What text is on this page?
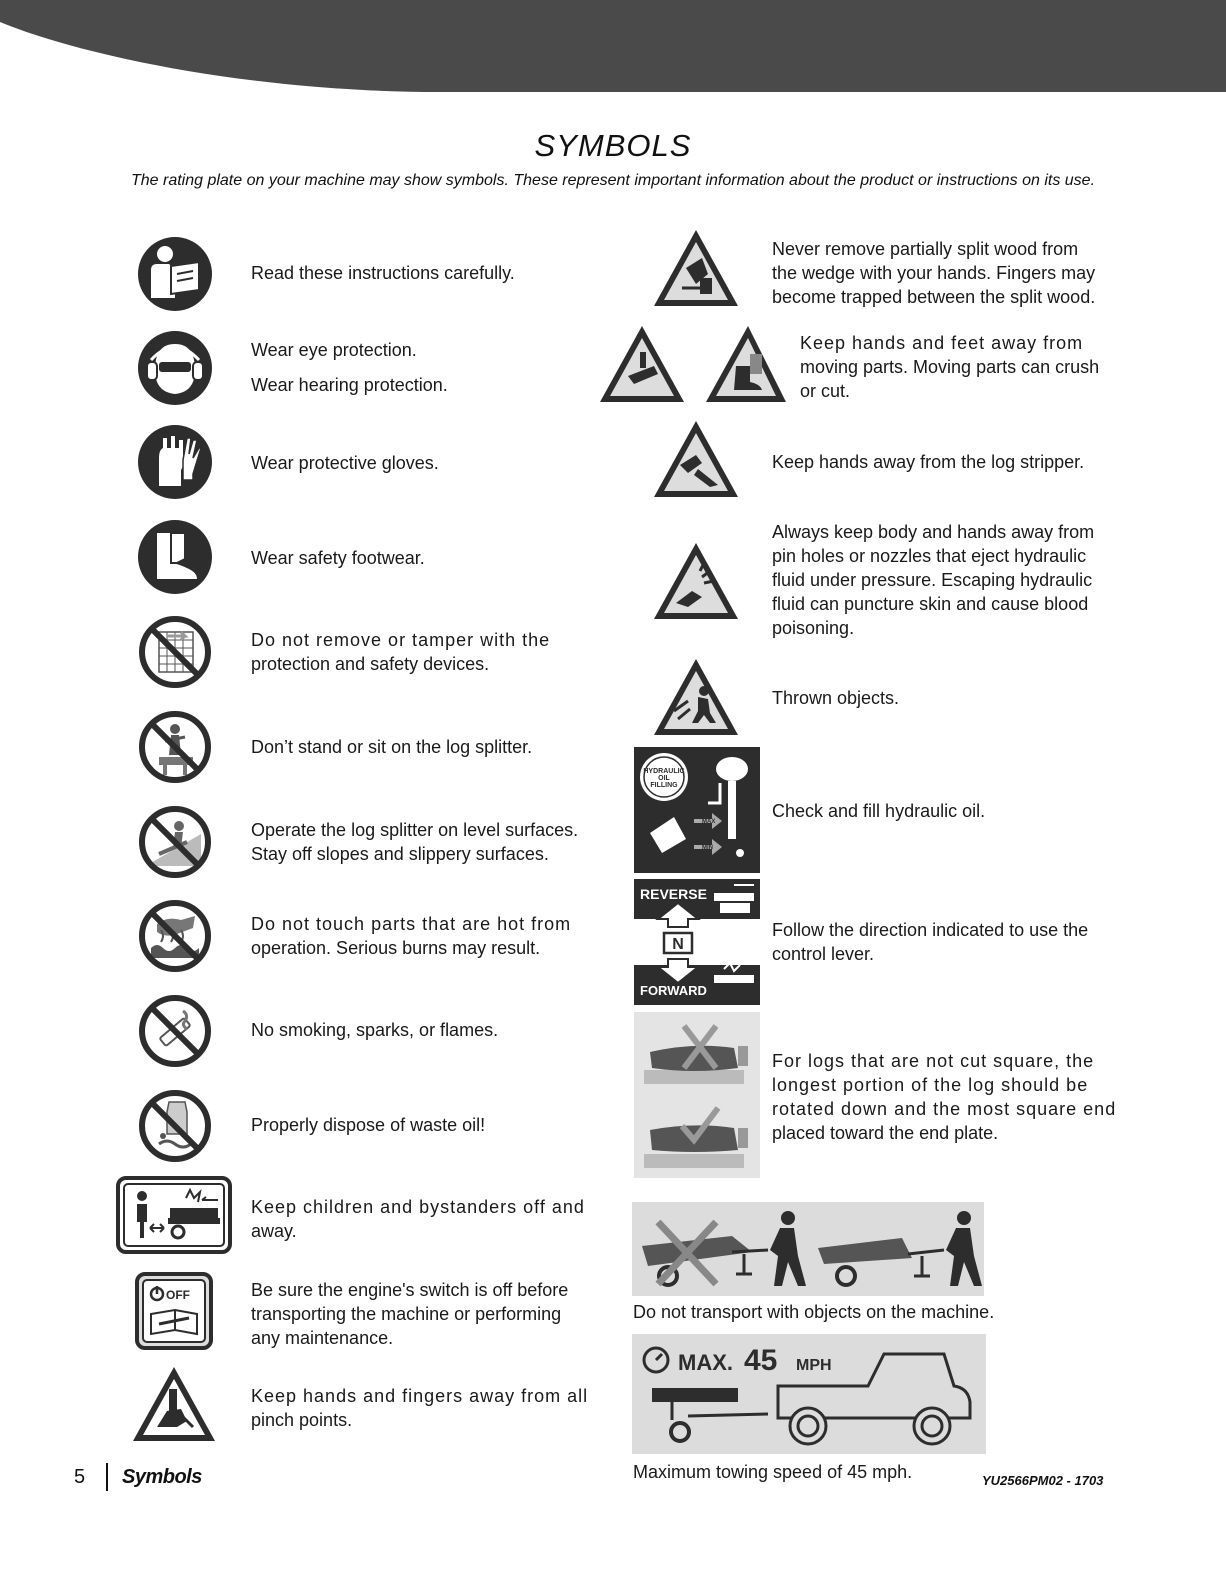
SYMBOLS
The rating plate on your machine may show symbols. These represent important information about the product or instructions on its use.
Read these instructions carefully.
Wear eye protection.
Wear hearing protection.
Wear protective gloves.
Wear safety footwear.
Do not remove or tamper with the
protection and safety devices.
Don’t stand or sit on the log splitter.
Operate the log splitter on level surfaces.
Stay off slopes and slippery surfaces.
Do not touch parts that are hot from
operation. Serious burns may result.
No smoking, sparks, or flames.
Properly dispose of waste oil!
Keep children and bystanders off and
away.
OFF	Be sure the engine's switch is off before
transporting the machine or performing
any maintenance.
Keep hands and fingers away from all
pinch points.
Never remove partially split wood from
the wedge with your hands. Fingers may
become trapped between the split wood.
Keep hands and feet away from
moving parts. Moving parts can crush
or cut.
Keep hands away from the log stripper.
Always keep body and hands away from
pin holes or nozzles that eject hydraulic
fluid under pressure. Escaping hydraulic
fluid can puncture skin and cause blood
poisoning.
Thrown objects.
HYDRAULIC
OIL
FILLING
MAX
MIN
Check and fill hydraulic oil.
REVERSE
N
FORWARD
Follow the direction indicated to use the
control lever.
For logs that are not cut square, the
longest portion of the log should be
rotated down and the most square end
placed toward the end plate.
Do not transport with objects on the machine.
MAX. 45 MPH
Maximum towing speed of 45 mph.
5 Symbols	YU2566PM02 - 1703
